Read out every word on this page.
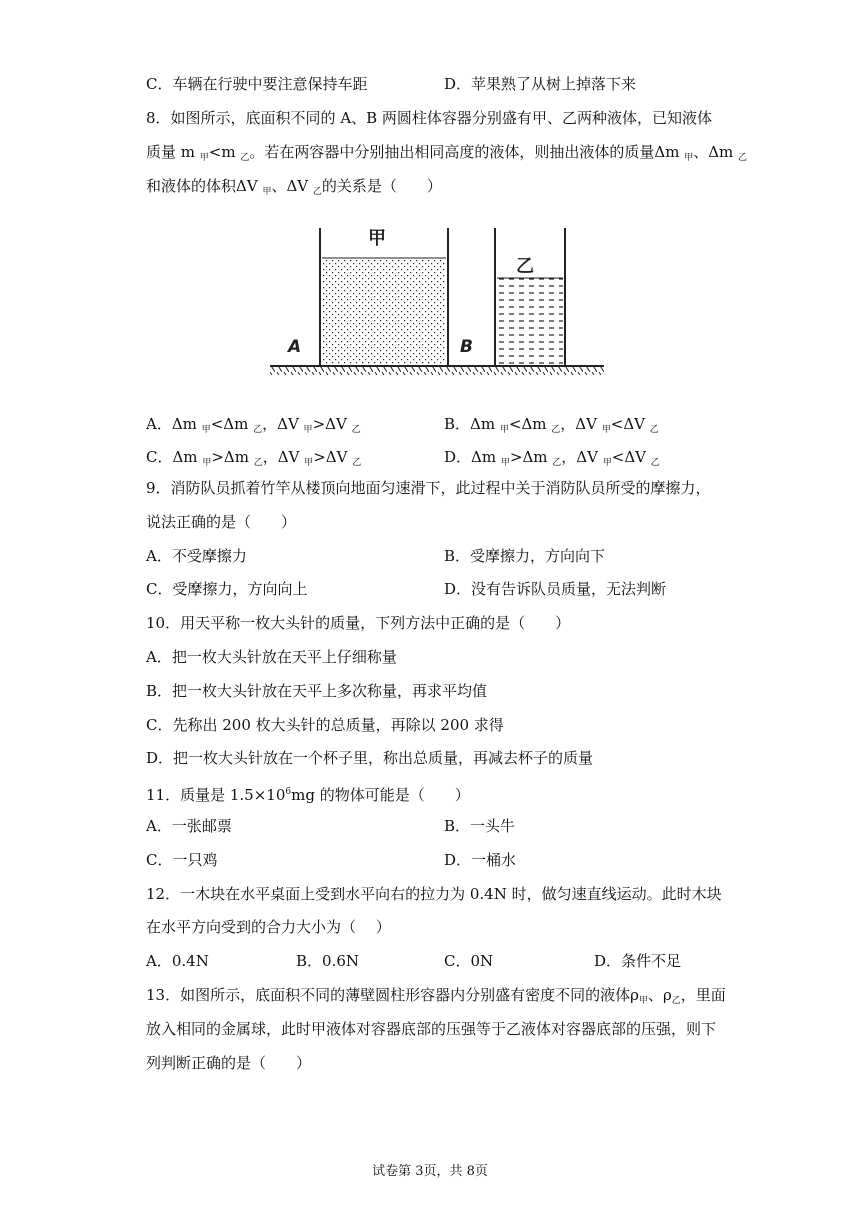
C．车辆在行驶中要注意保持车距	D．苹果熟了从树上掉落下来
8．如图所示，底面积不同的 A、B 两圆柱体容器分别盛有甲、乙两种液体，已知液体
质量 m $_甲$<m $_乙$。若在两容器中分别抽出相同高度的液体，则抽出液体的质量Δm $_甲$、Δm $_乙$
和液体的体积ΔV $_甲$、ΔV $_乙$的关系是（　　）
甲
乙
A	B
A．Δm $_甲$<Δm $_乙$，ΔV $_甲$>ΔV $_乙$	B．Δm $_甲$<Δm $_乙$，ΔV $_甲$<ΔV $_乙$
C．Δm $_甲$>Δm $_乙$，ΔV $_甲$>ΔV $_乙$	D．Δm $_甲$>Δm $_乙$，ΔV $_甲$<ΔV $_乙$
9．消防队员抓着竹竿从楼顶向地面匀速滑下，此过程中关于消防队员所受的摩擦力，
说法正确的是（　　）
A．不受摩擦力	B．受摩擦力，方向向下
C．受摩擦力，方向向上	D．没有告诉队员质量，无法判断
10．用天平称一枚大头针的质量，下列方法中正确的是（　　）
A．把一枚大头针放在天平上仔细称量
B．把一枚大头针放在天平上多次称量，再求平均值
C．先称出 200 枚大头针的总质量，再除以 200 求得
D．把一枚大头针放在一个杯子里，称出总质量，再减去杯子的质量
11．质量是 $1.5\times 10^6mg$ 的物体可能是（　　）
A．一张邮票	B．一头牛
C．一只鸡	D．一桶水
12．一木块在水平桌面上受到水平向右的拉力为 0.4N 时，做匀速直线运动。此时木块
在水平方向受到的合力大小为（　 ）
A．0.4N	B．0.6N	C．0N	D．条件不足
13．如图所示，底面积不同的薄壁圆柱形容器内分别盛有密度不同的液体$\rho_甲$、$\rho_乙$，里面
放入相同的金属球，此时甲液体对容器底部的压强等于乙液体对容器底部的压强，则下
列判断正确的是（　　）
试卷第 3页，共 8页
